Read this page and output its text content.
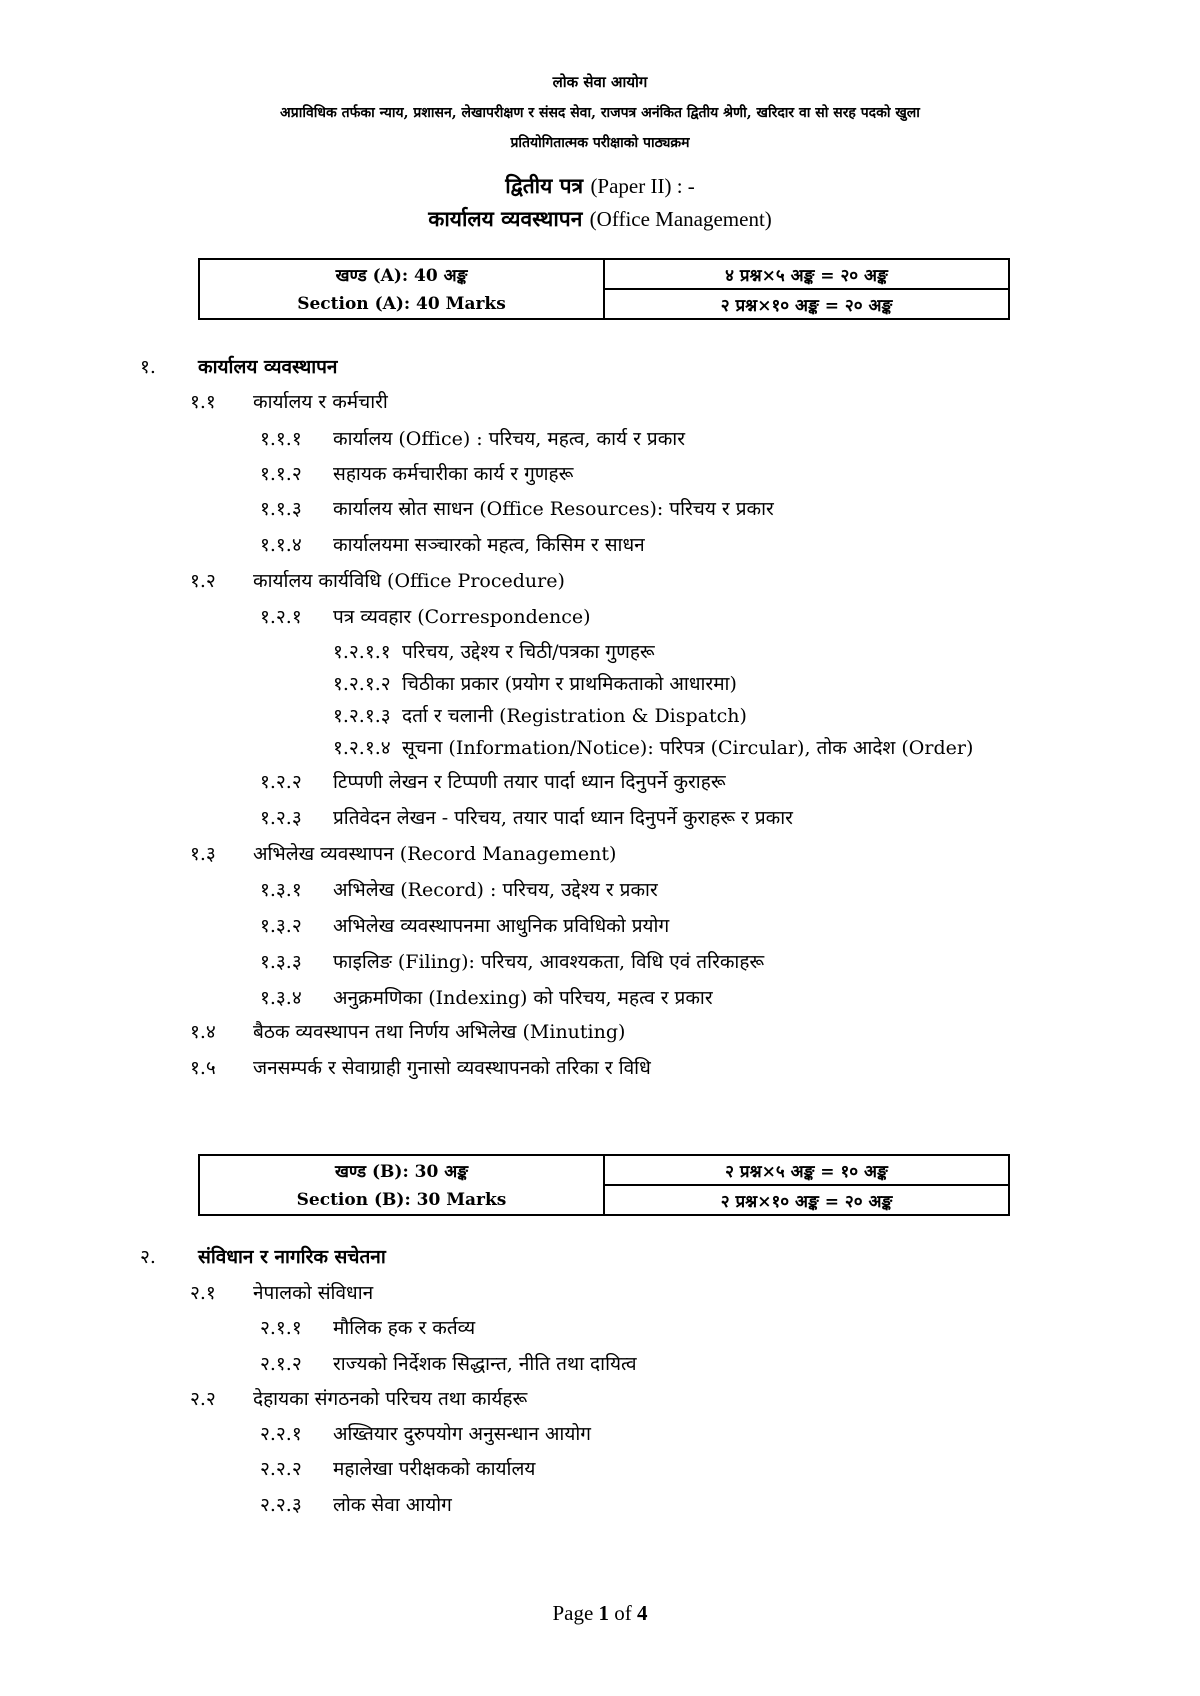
लोक सेवा आयोग
अप्राविधिक तर्फका न्याय, प्रशासन, लेखापरीक्षण र संसद सेवा, राजपत्र अनंकित द्वितीय श्रेणी, खरिदार वा सो सरह पदको खुला
प्रतियोगितात्मक परीक्षाको पाठ्यक्रम
द्वितीय पत्र (Paper II) : -
कार्यालय व्यवस्थापन (Office Management)
खण्ड (A): 40 अङ्क	४ प्रश्न×५ अङ्क = २० अङ्क
Section (A): 40 Marks	२ प्रश्न×१० अङ्क = २० अङ्क
१. कार्यालय व्यवस्थापन
१.१ कार्यालय र कर्मचारी
१.१.१ कार्यालय (Office) : परिचय, महत्व, कार्य र प्रकार
१.१.२ सहायक कर्मचारीका कार्य र गुणहरू
१.१.३ कार्यालय स्रोत साधन (Office Resources): परिचय र प्रकार
१.१.४ कार्यालयमा सञ्चारको महत्व, किसिम र साधन
१.२ कार्यालय कार्यविधि (Office Procedure)
१.२.१ पत्र व्यवहार (Correspondence)
१.२.१.१ परिचय, उद्देश्य र चिठी/पत्रका गुणहरू
१.२.१.२ चिठीका प्रकार (प्रयोग र प्राथमिकताको आधारमा)
१.२.१.३ दर्ता र चलानी (Registration & Dispatch)
१.२.१.४ सूचना (Information/Notice): परिपत्र (Circular), तोक आदेश (Order)
१.२.२ टिप्पणी लेखन र टिप्पणी तयार पार्दा ध्यान दिनुपर्ने कुराहरू
१.२.३ प्रतिवेदन लेखन - परिचय, तयार पार्दा ध्यान दिनुपर्ने कुराहरू र प्रकार
१.३ अभिलेख व्यवस्थापन (Record Management)
१.३.१ अभिलेख (Record) : परिचय, उद्देश्य र प्रकार
१.३.२ अभिलेख व्यवस्थापनमा आधुनिक प्रविधिको प्रयोग
१.३.३ फाइलिङ (Filing): परिचय, आवश्यकता, विधि एवं तरिकाहरू
१.३.४ अनुक्रमणिका (Indexing) को परिचय, महत्व र प्रकार
१.४ बैठक व्यवस्थापन तथा निर्णय अभिलेख (Minuting)
१.५ जनसम्पर्क र सेवाग्राही गुनासो व्यवस्थापनको तरिका र विधि
खण्ड (B): 30 अङ्क	२ प्रश्न×५ अङ्क = १० अङ्क
Section (B): 30 Marks	२ प्रश्न×१० अङ्क = २० अङ्क
२. संविधान र नागरिक सचेतना
२.१ नेपालको संविधान
२.१.१ मौलिक हक र कर्तव्य
२.१.२ राज्यको निर्देशक सिद्धान्त, नीति तथा दायित्व
२.२ देहायका संगठनको परिचय तथा कार्यहरू
२.२.१ अख्तियार दुरुपयोग अनुसन्धान आयोग
२.२.२ महालेखा परीक्षकको कार्यालय
२.२.३ लोक सेवा आयोग
Page 1 of 4
